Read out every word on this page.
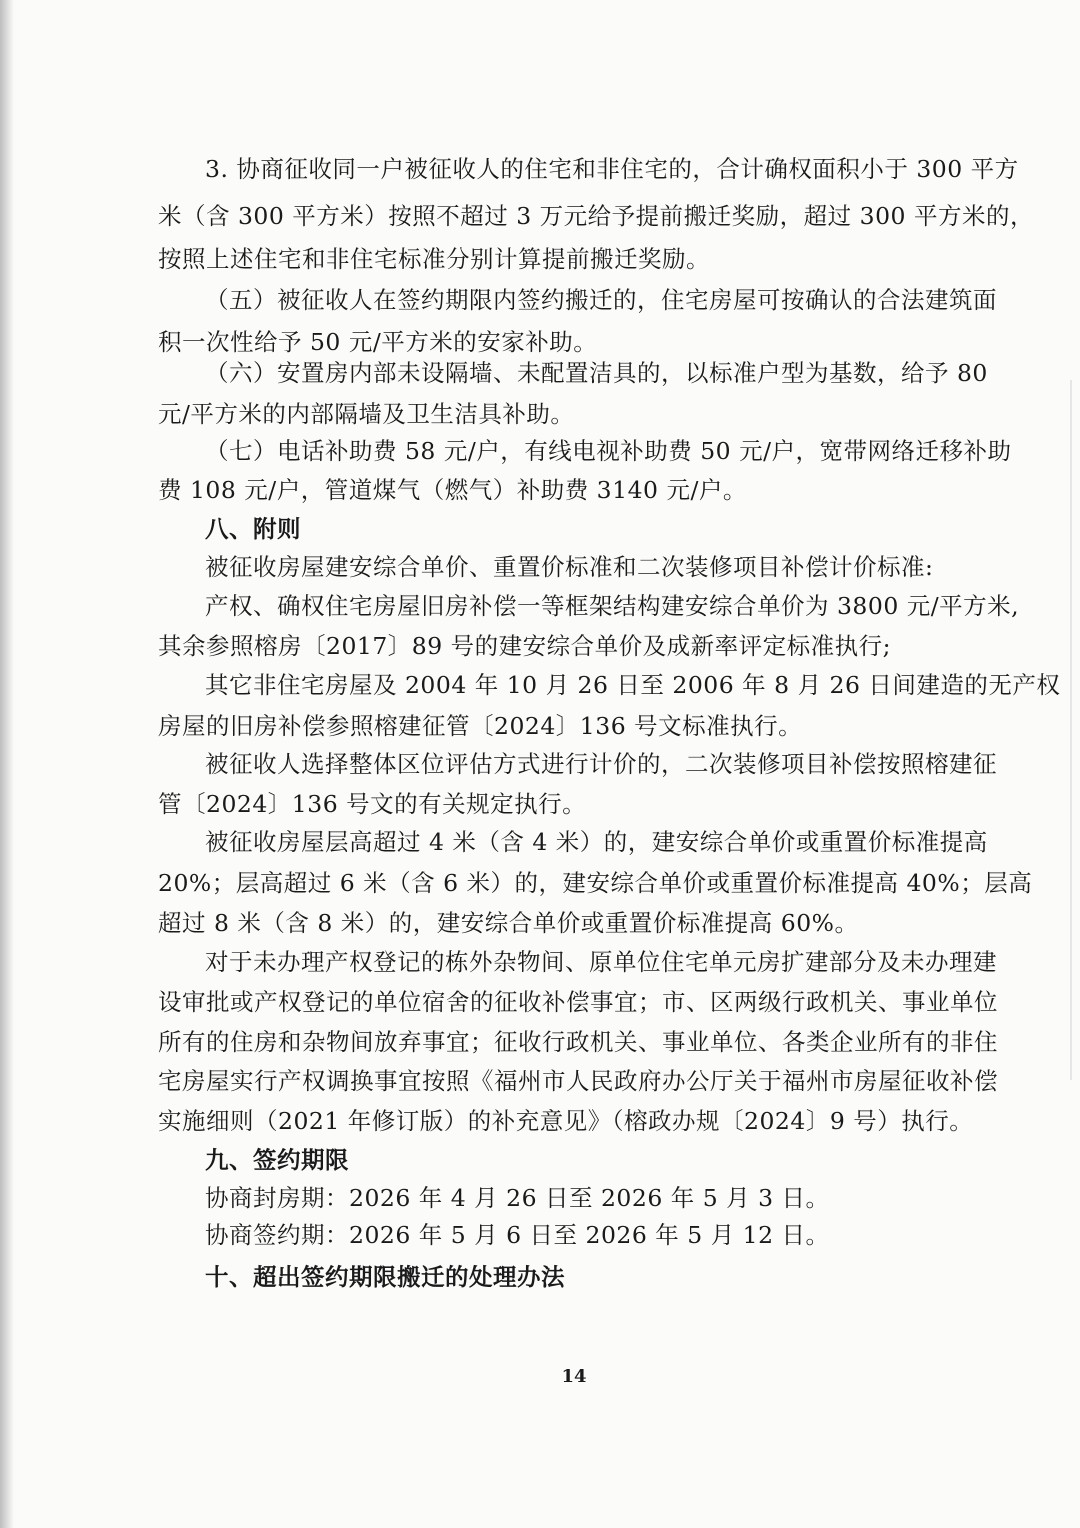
3. 协商征收同一户被征收人的住宅和非住宅的，合计确权面积小于 300 平方
米（含 300 平方米）按照不超过 3 万元给予提前搬迁奖励，超过 300 平方米的，
按照上述住宅和非住宅标准分别计算提前搬迁奖励。
（五）被征收人在签约期限内签约搬迁的，住宅房屋可按确认的合法建筑面
积一次性给予 50 元/平方米的安家补助。
（六）安置房内部未设隔墙、未配置洁具的，以标准户型为基数，给予 80
元/平方米的内部隔墙及卫生洁具补助。
（七）电话补助费 58 元/户，有线电视补助费 50 元/户，宽带网络迁移补助
费 108 元/户，管道煤气（燃气）补助费 3140 元/户。
八、附则
被征收房屋建安综合单价、重置价标准和二次装修项目补偿计价标准:
产权、确权住宅房屋旧房补偿一等框架结构建安综合单价为 3800 元/平方米,
其余参照榕房〔2017〕89 号的建安综合单价及成新率评定标准执行;
其它非住宅房屋及 2004 年 10 月 26 日至 2006 年 8 月 26 日间建造的无产权
房屋的旧房补偿参照榕建征管〔2024〕136 号文标准执行。
被征收人选择整体区位评估方式进行计价的，二次装修项目补偿按照榕建征
管〔2024〕136 号文的有关规定执行。
被征收房屋层高超过 4 米（含 4 米）的，建安综合单价或重置价标准提高
20%；层高超过 6 米（含 6 米）的，建安综合单价或重置价标准提高 40%；层高
超过 8 米（含 8 米）的，建安综合单价或重置价标准提高 60%。
对于未办理产权登记的栋外杂物间、原单位住宅单元房扩建部分及未办理建
设审批或产权登记的单位宿舍的征收补偿事宜；市、区两级行政机关、事业单位
所有的住房和杂物间放弃事宜；征收行政机关、事业单位、各类企业所有的非住
宅房屋实行产权调换事宜按照《福州市人民政府办公厅关于福州市房屋征收补偿
实施细则（2021 年修订版）的补充意见》（榕政办规〔2024〕9 号）执行。
九、签约期限
协商封房期：2026 年 4 月 26 日至 2026 年 5 月 3 日。
协商签约期：2026 年 5 月 6 日至 2026 年 5 月 12 日。
十、超出签约期限搬迁的处理办法
14
